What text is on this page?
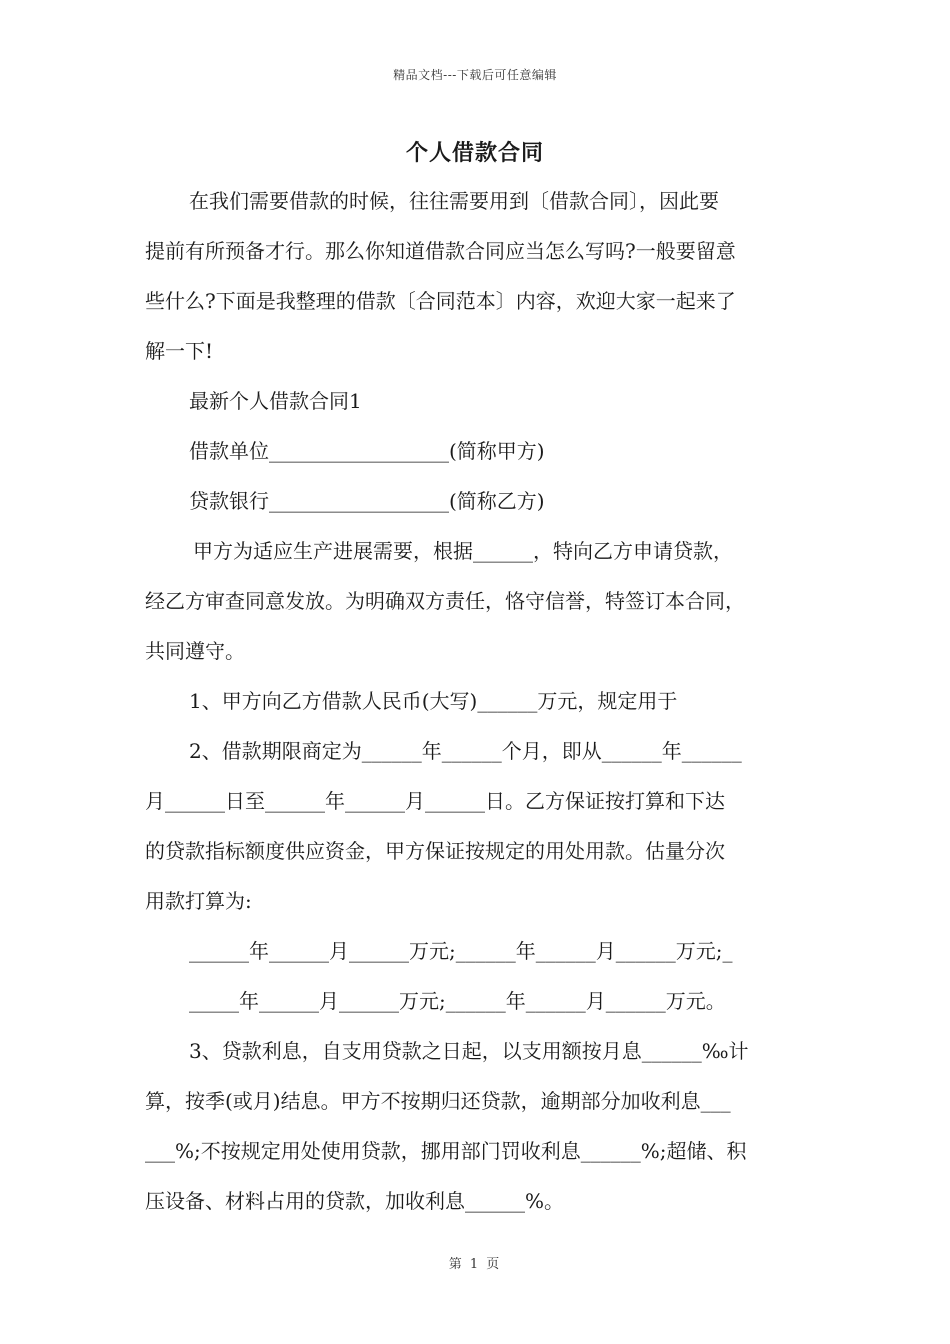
精品文档---下载后可任意编辑
个人借款合同
在我们需要借款的时候，往往需要用到〔借款合同〕，因此要
提前有所预备才行。那么你知道借款合同应当怎么写吗?一般要留意
些什么?下面是我整理的借款〔合同范本〕内容，欢迎大家一起来了
解一下!
最新个人借款合同1
借款单位__________________(简称甲方)
贷款银行__________________(简称乙方)
甲方为适应生产进展需要，根据______，特向乙方申请贷款，
经乙方审查同意发放。为明确双方责任，恪守信誉，特签订本合同，
共同遵守。
1、甲方向乙方借款人民币(大写)______万元，规定用于
2、借款期限商定为______年______个月，即从______年______
月______日至______年______月______日。乙方保证按打算和下达
的贷款指标额度供应资金，甲方保证按规定的用处用款。估量分次
用款打算为:
______年______月______万元;______年______月______万元;_
_____年______月______万元;______年______月______万元。
3、贷款利息，自支用贷款之日起，以支用额按月息______‰计
算，按季(或月)结息。甲方不按期归还贷款，逾期部分加收利息___
___%;不按规定用处使用贷款，挪用部门罚收利息______%;超储、积
压设备、材料占用的贷款，加收利息______%。
第 1 页
